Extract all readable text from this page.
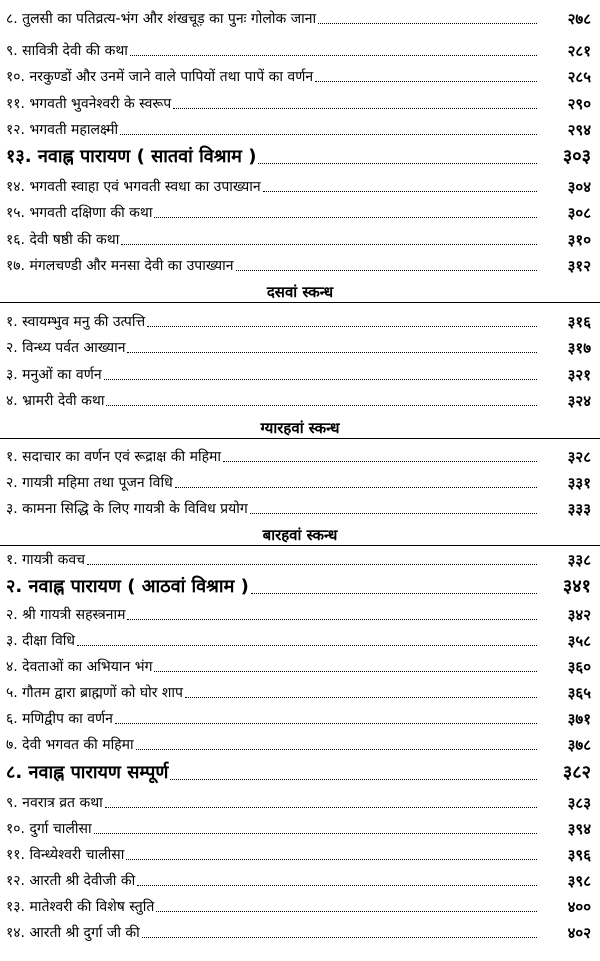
८. तुलसी का पतिव्रत्य-भंग और शंखचूड़ का पुनः गोलोक जाना	२७८
९. सावित्री देवी की कथा	२८१
१०. नरकुण्डों और उनमें जाने वाले पापियों तथा पापें का वर्णन	२८५
११. भगवती भुवनेश्वरी के स्वरूप	२९०
१२. भगवती महालक्ष्मी	२९४
१३. नवाह्न पारायण ( सातवां विश्राम )	३०३
१४. भगवती स्वाहा एवं भगवती स्वधा का उपाख्यान	३०४
१५. भगवती दक्षिणा की कथा	३०८
१६. देवी षष्ठी की कथा	३१०
१७. मंगलचण्डी और मनसा देवी का उपाख्यान	३१२
दसवां स्कन्ध
१. स्वायम्भुव मनु की उत्पत्ति	३१६
२. विन्ध्य पर्वत आख्यान	३१७
३. मनुओं का वर्णन	३२१
४. भ्रामरी देवी कथा	३२४
ग्यारहवां स्कन्ध
१. सदाचार का वर्णन एवं रूद्राक्ष की महिमा	३२८
२. गायत्री महिमा तथा पूजन विधि	३३१
३. कामना सिद्धि के लिए गायत्री के विविध प्रयोग	३३३
बारहवां स्कन्ध
१. गायत्री कवच	३३८
२. नवाह्न पारायण ( आठवां विश्राम )	३४१
२. श्री गायत्री सहस्त्रनाम	३४२
३. दीक्षा विधि	३५८
४. देवताओं का अभियान भंग	३६०
५. गौतम द्वारा ब्राह्मणों को घोर शाप	३६५
६. मणिद्वीप का वर्णन	३७१
७. देवी भगवत की महिमा	३७८
८. नवाह्न पारायण सम्पूर्ण	३८२
९. नवरात्र व्रत कथा	३८३
१०. दुर्गा चालीसा	३९४
११. विन्ध्येश्वरी चालीसा	३९६
१२. आरती श्री देवीजी की	३९८
१३. मातेश्वरी की विशेष स्तुति	४००
१४. आरती श्री दुर्गा जी की	४०२
